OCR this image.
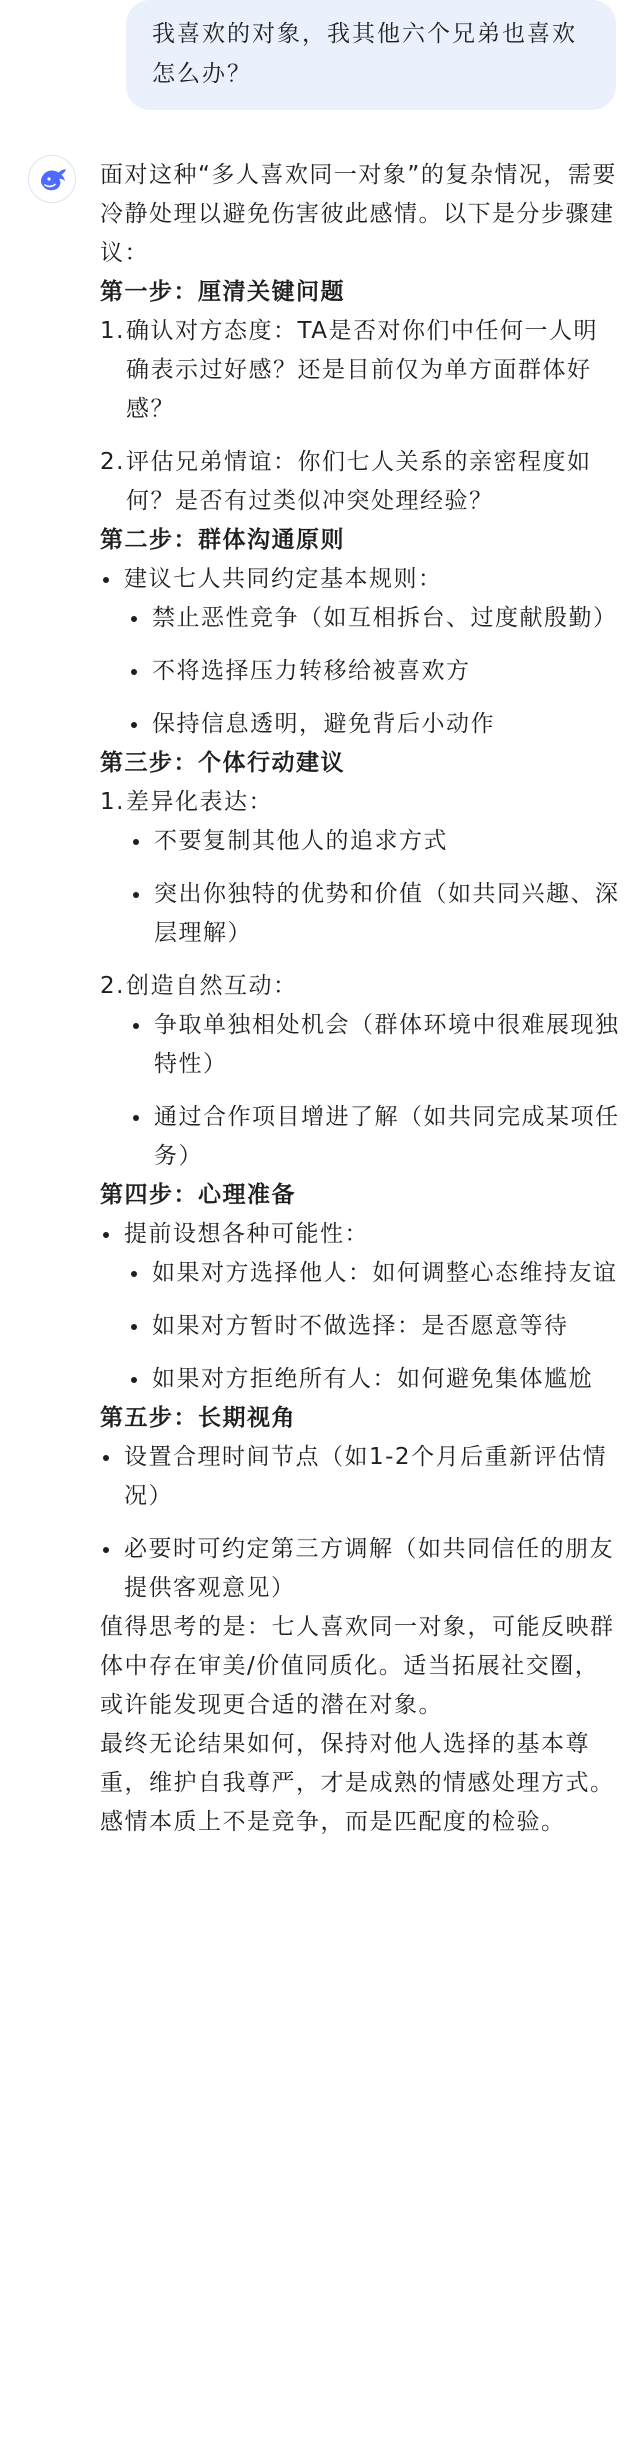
我喜欢的对象，我其他六个兄弟也喜欢怎么办？

面对这种“多人喜欢同一对象”的复杂情况，需要冷静处理以避免伤害彼此感情。以下是分步骤建议：

第一步：厘清关键问题
1. 确认对方态度：TA是否对你们中任何一人明确表示过好感？还是目前仅为单方面群体好感？
2. 评估兄弟情谊：你们七人关系的亲密程度如何？是否有过类似冲突处理经验？
第二步：群体沟通原则
建议七人共同约定基本规则：
禁止恶性竞争（如互相拆台、过度献殷勤）
不将选择压力转移给被喜欢方
保持信息透明，避免背后小动作
第三步：个体行动建议
1. 差异化表达：
不要复制其他人的追求方式
突出你独特的优势和价值（如共同兴趣、深层理解）
2. 创造自然互动：
争取单独相处机会（群体环境中很难展现独特性）
通过合作项目增进了解（如共同完成某项任务）
第四步：心理准备
提前设想各种可能性：
如果对方选择他人：如何调整心态维持友谊
如果对方暂时不做选择：是否愿意等待
如果对方拒绝所有人：如何避免集体尴尬
第五步：长期视角
设置合理时间节点（如1-2个月后重新评估情况）
必要时可约定第三方调解（如共同信任的朋友提供客观意见）

值得思考的是：七人喜欢同一对象，可能反映群体中存在审美/价值同质化。适当拓展社交圈，或许能发现更合适的潜在对象。

最终无论结果如何，保持对他人选择的基本尊重，维护自我尊严，才是成熟的情感处理方式。感情本质上不是竞争，而是匹配度的检验。
